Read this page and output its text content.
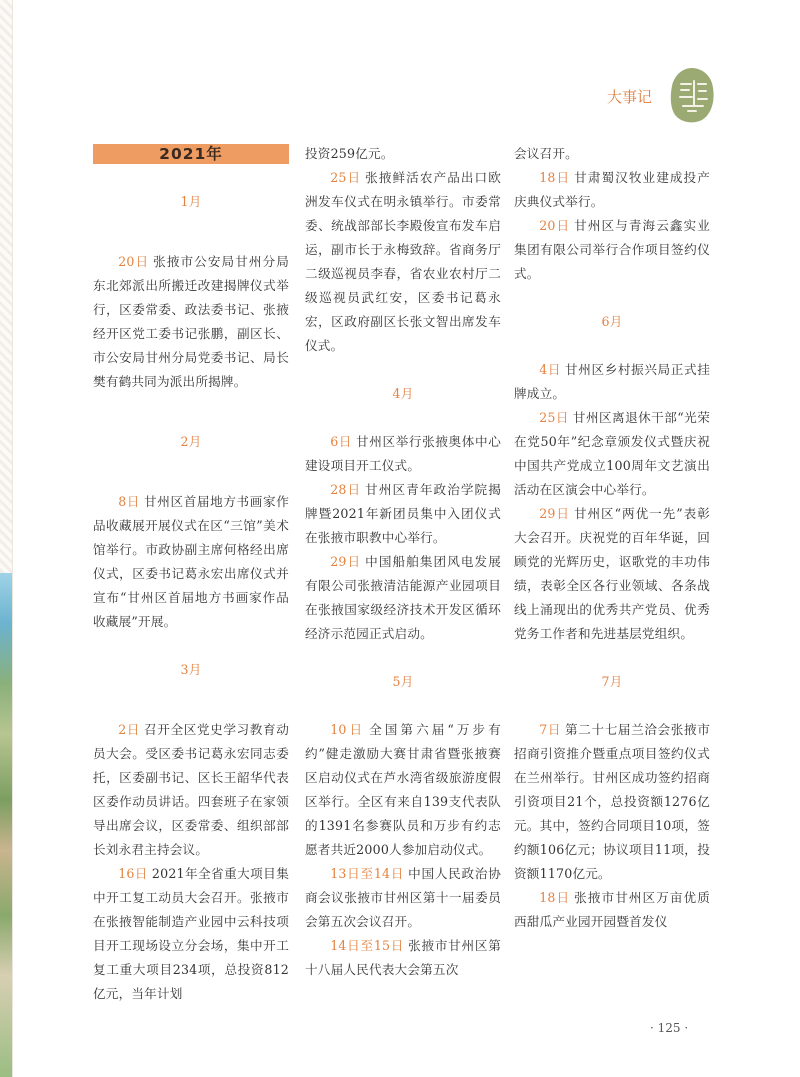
大事记
2021年

1月

20日 张掖市公安局甘州分局东北郊派出所搬迁改建揭牌仪式举行，区委常委、政法委书记、张掖经开区党工委书记张鹏，副区长、市公安局甘州分局党委书记、局长樊有鹤共同为派出所揭牌。

2月

8日 甘州区首届地方书画家作品收藏展开展仪式在区“三馆”美术馆举行。市政协副主席何格经出席仪式，区委书记葛永宏出席仪式并宣布“甘州区首届地方书画家作品收藏展”开展。

3月

2日 召开全区党史学习教育动员大会。受区委书记葛永宏同志委托，区委副书记、区长王韶华代表区委作动员讲话。四套班子在家领导出席会议，区委常委、组织部部长刘永君主持会议。

16日 2021年全省重大项目集中开工复工动员大会召开。张掖市在张掖智能制造产业园中云科技项目开工现场设立分会场，集中开工复工重大项目234项，总投资812亿元，当年计划

投资259亿元。

25日 张掖鲜活农产品出口欧洲发车仪式在明永镇举行。市委常委、统战部部长李殿俊宣布发车启运，副市长于永梅致辞。省商务厅二级巡视员李春，省农业农村厅二级巡视员武红安，区委书记葛永宏，区政府副区长张文智出席发车仪式。

4月

6日 甘州区举行张掖奥体中心建设项目开工仪式。

28日 甘州区青年政治学院揭牌暨2021年新团员集中入团仪式在张掖市职教中心举行。

29日 中国船舶集团风电发展有限公司张掖清洁能源产业园项目在张掖国家级经济技术开发区循环经济示范园正式启动。

5月

10日 全国第六届“万步有约”健走激励大赛甘肃省暨张掖赛区启动仪式在芦水湾省级旅游度假区举行。全区有来自139支代表队的1391名参赛队员和万步有约志愿者共近2000人参加启动仪式。

13日至14日 中国人民政治协商会议张掖市甘州区第十一届委员会第五次会议召开。

14日至15日 张掖市甘州区第十八届人民代表大会第五次

会议召开。

18日 甘肃蜀汉牧业建成投产庆典仪式举行。

20日 甘州区与青海云鑫实业集团有限公司举行合作项目签约仪式。

6月

4日 甘州区乡村振兴局正式挂牌成立。

25日 甘州区离退休干部“光荣在党50年”纪念章颁发仪式暨庆祝中国共产党成立100周年文艺演出活动在区演会中心举行。

29日 甘州区“两优一先”表彰大会召开。庆祝党的百年华诞，回顾党的光辉历史，讴歌党的丰功伟绩，表彰全区各行业领域、各条战线上涌现出的优秀共产党员、优秀党务工作者和先进基层党组织。

7月

7日 第二十七届兰洽会张掖市招商引资推介暨重点项目签约仪式在兰州举行。甘州区成功签约招商引资项目21个，总投资额1276亿元。其中，签约合同项目10项，签约额106亿元；协议项目11项，投资额1170亿元。

18日 张掖市甘州区万亩优质西甜瓜产业园开园暨首发仪

· 125 ·
